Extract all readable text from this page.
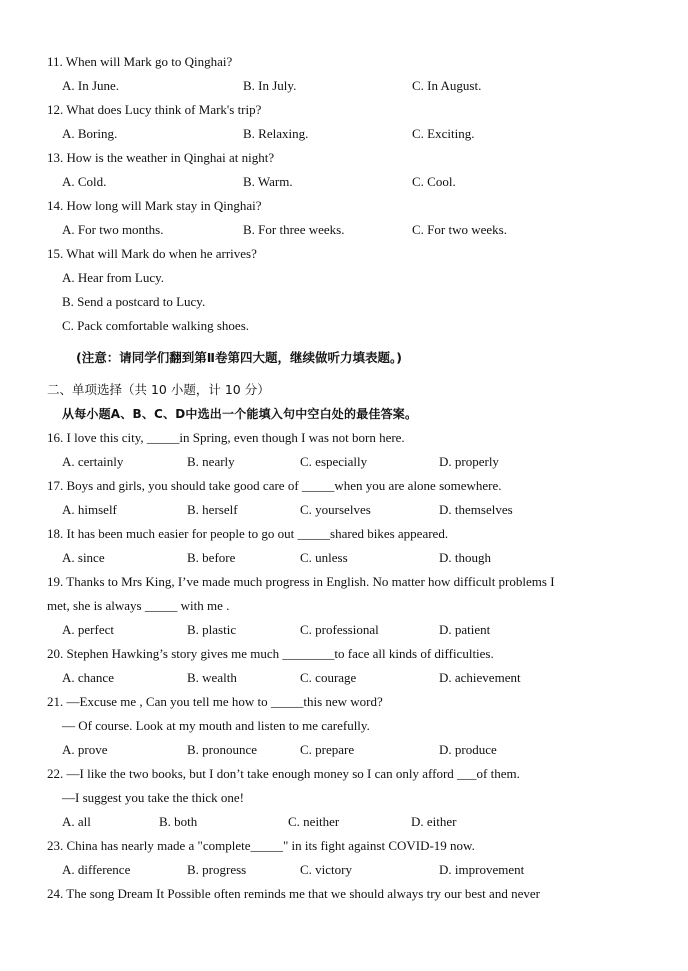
11. When will Mark go to Qinghai?
A. In June.	B. In July.	C. In August.
12. What does Lucy think of Mark's trip?
A. Boring.	B. Relaxing.	C. Exciting.
13. How is the weather in Qinghai at night?
A. Cold.	B. Warm.	C. Cool.
14. How long will Mark stay in Qinghai?
A. For two months.	B. For three weeks.	C. For two weeks.
15. What will Mark do when he arrives?
A. Hear from Lucy.
B. Send a postcard to Lucy.
C. Pack comfortable walking shoes.
(注意：请同学们翻到第Ⅱ卷第四大题，继续做听力填表题。)
二、单项选择（共 10 小题，计 10 分）
从每小题A、B、C、D中选出一个能填入句中空白处的最佳答案。
16. I love this city, _____in Spring, even though I was not born here.
A. certainly	B. nearly	C. especially	D. properly
17. Boys and girls, you should take good care of _____when you are alone somewhere.
A. himself	B. herself	C. yourselves	D. themselves
18. It has been much easier for people to go out _____shared bikes appeared.
A. since	B. before	C. unless	D. though
19. Thanks to Mrs King, I’ve made much progress in English. No matter how difficult problems I
met, she is always _____ with me .
A. perfect	B. plastic	C. professional	D. patient
20. Stephen Hawking’s story gives me much ________to face all kinds of difficulties.
A. chance	B. wealth	C. courage	D. achievement
21. —Excuse me , Can you tell me how to _____this new word?
— Of course. Look at my mouth and listen to me carefully.
A. prove	B. pronounce	C. prepare	D. produce
22. —I like the two books, but I don’t take enough money so I can only afford ___of them.
—I suggest you take the thick one!
A. all	B. both	C. neither	D. either
23. China has nearly made a "complete_____" in its fight against COVID-19 now.
A. difference	B. progress	C. victory	D. improvement
24. The song Dream It Possible often reminds me that we should always try our best and never
